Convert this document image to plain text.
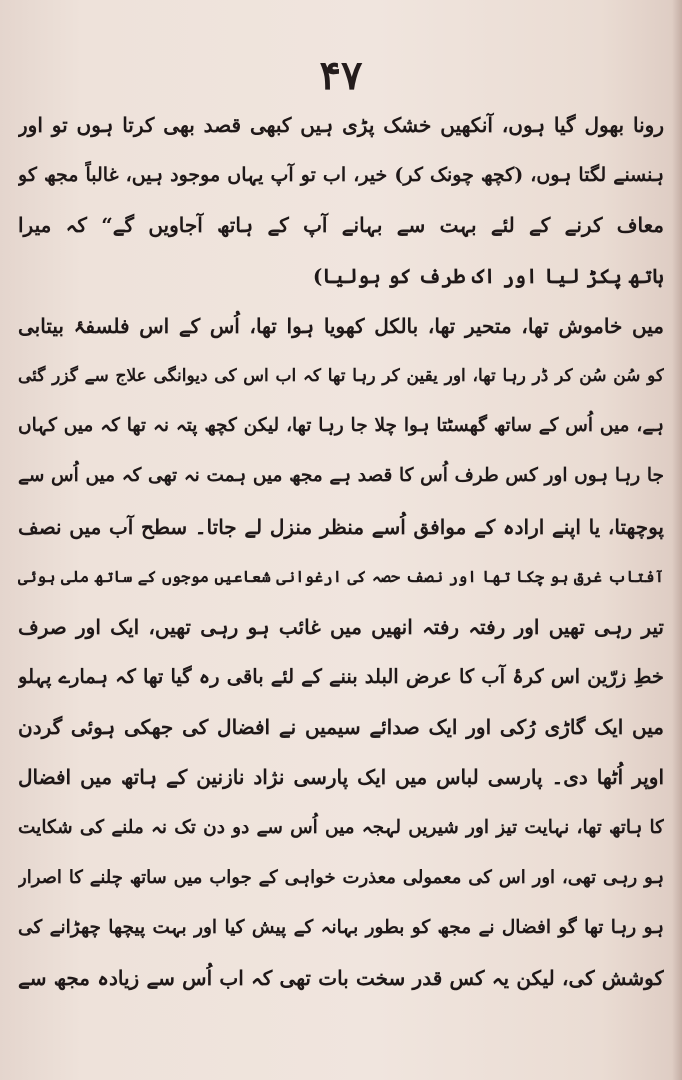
۴۷
رونا بھول گیا ہوں، آنکھیں خشک پڑی ہیں کبھی قصد بھی کرتا ہوں تو اور
ہنسنے لگتا ہوں، (کچھ چونک کر) خیر، اب تو آپ یہاں موجود ہیں، غالباً مجھ کو
معاف کرنے کے لئے بہت سے بہانے آپ کے ہاتھ آجاویں گے“ کہ میرا
ہاتھ پکڑ لیا اور اک طرف کو ہولیا)
میں خاموش تھا، متحیر تھا، بالکل کھویا ہوا تھا، اُس کے اس فلسفۂ بیتابی
کو سُن سُن کر ڈر رہا تھا، اور یقین کر رہا تھا کہ اب اس کی دیوانگی علاج سے گزر گئی
ہے، میں اُس کے ساتھ گھسٹتا ہوا چلا جا رہا تھا، لیکن کچھ پتہ نہ تھا کہ میں کہاں
جا رہا ہوں اور کس طرف اُس کا قصد ہے مجھ میں ہمت نہ تھی کہ میں اُس سے
پوچھتا، یا اپنے ارادہ کے موافق اُسے منظر منزل لے جاتا۔ سطح آب میں نصف
آفتاب غرق ہو چکا تھا اور نصف حصہ کی ارغوانی شعاعیں موجوں کے ساتھ ملی ہوئی
تیر رہی تھیں اور رفتہ رفتہ انھیں میں غائب ہو رہی تھیں، ایک اور صرف
خطِ زرّین اس کرۂ آب کا عرض البلد بننے کے لئے باقی رہ گیا تھا کہ ہمارے پہلو
میں ایک گاڑی رُکی اور ایک صدائے سیمیں نے افضال کی جھکی ہوئی گردن
اوپر اُٹھا دی۔ پارسی لباس میں ایک پارسی نژاد نازنین کے ہاتھ میں افضال
کا ہاتھ تھا، نہایت تیز اور شیریں لہجہ میں اُس سے دو دن تک نہ ملنے کی شکایت
ہو رہی تھی، اور اس کی معمولی معذرت خواہی کے جواب میں ساتھ چلنے کا اصرار
ہو رہا تھا گو افضال نے مجھ کو بطور بہانہ کے پیش کیا اور بہت پیچھا چھڑانے کی
کوشش کی، لیکن یہ کس قدر سخت بات تھی کہ اب اُس سے زیادہ مجھ سے
